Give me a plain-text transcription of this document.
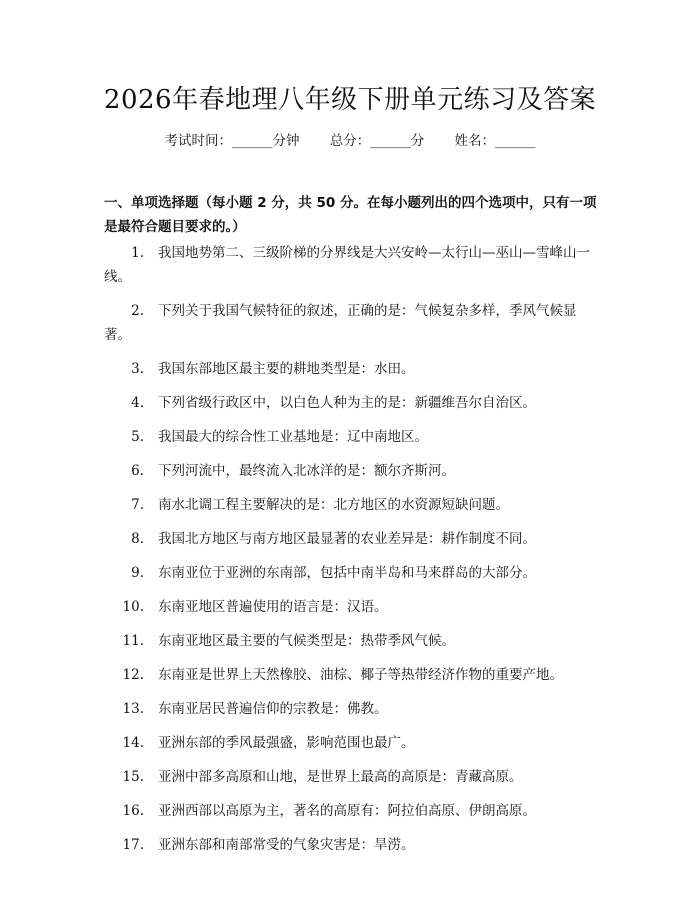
2026年春地理八年级下册单元练习及答案
考试时间：______分钟 总分：______分 姓名：______
一、单项选择题（每小题 2 分，共 50 分。在每小题列出的四个选项中，只有一项是最符合题目要求的。）
1.	我国地势第二、三级阶梯的分界线是大兴安岭—太行山—巫山—雪峰山一线。
2.	下列关于我国气候特征的叙述，正确的是：气候复杂多样，季风气候显著。
3.	我国东部地区最主要的耕地类型是：水田。
4.	下列省级行政区中，以白色人种为主的是：新疆维吾尔自治区。
5.	我国最大的综合性工业基地是：辽中南地区。
6.	下列河流中，最终流入北冰洋的是：额尔齐斯河。
7.	南水北调工程主要解决的是：北方地区的水资源短缺问题。
8.	我国北方地区与南方地区最显著的农业差异是：耕作制度不同。
9.	东南亚位于亚洲的东南部，包括中南半岛和马来群岛的大部分。
10.	东南亚地区普遍使用的语言是：汉语。
11.	东南亚地区最主要的气候类型是：热带季风气候。
12.	东南亚是世界上天然橡胶、油棕、椰子等热带经济作物的重要产地。
13.	东南亚居民普遍信仰的宗教是：佛教。
14.	亚洲东部的季风最强盛，影响范围也最广。
15.	亚洲中部多高原和山地，是世界上最高的高原是：青藏高原。
16.	亚洲西部以高原为主，著名的高原有：阿拉伯高原、伊朗高原。
17.	亚洲东部和南部常受的气象灾害是：旱涝。
